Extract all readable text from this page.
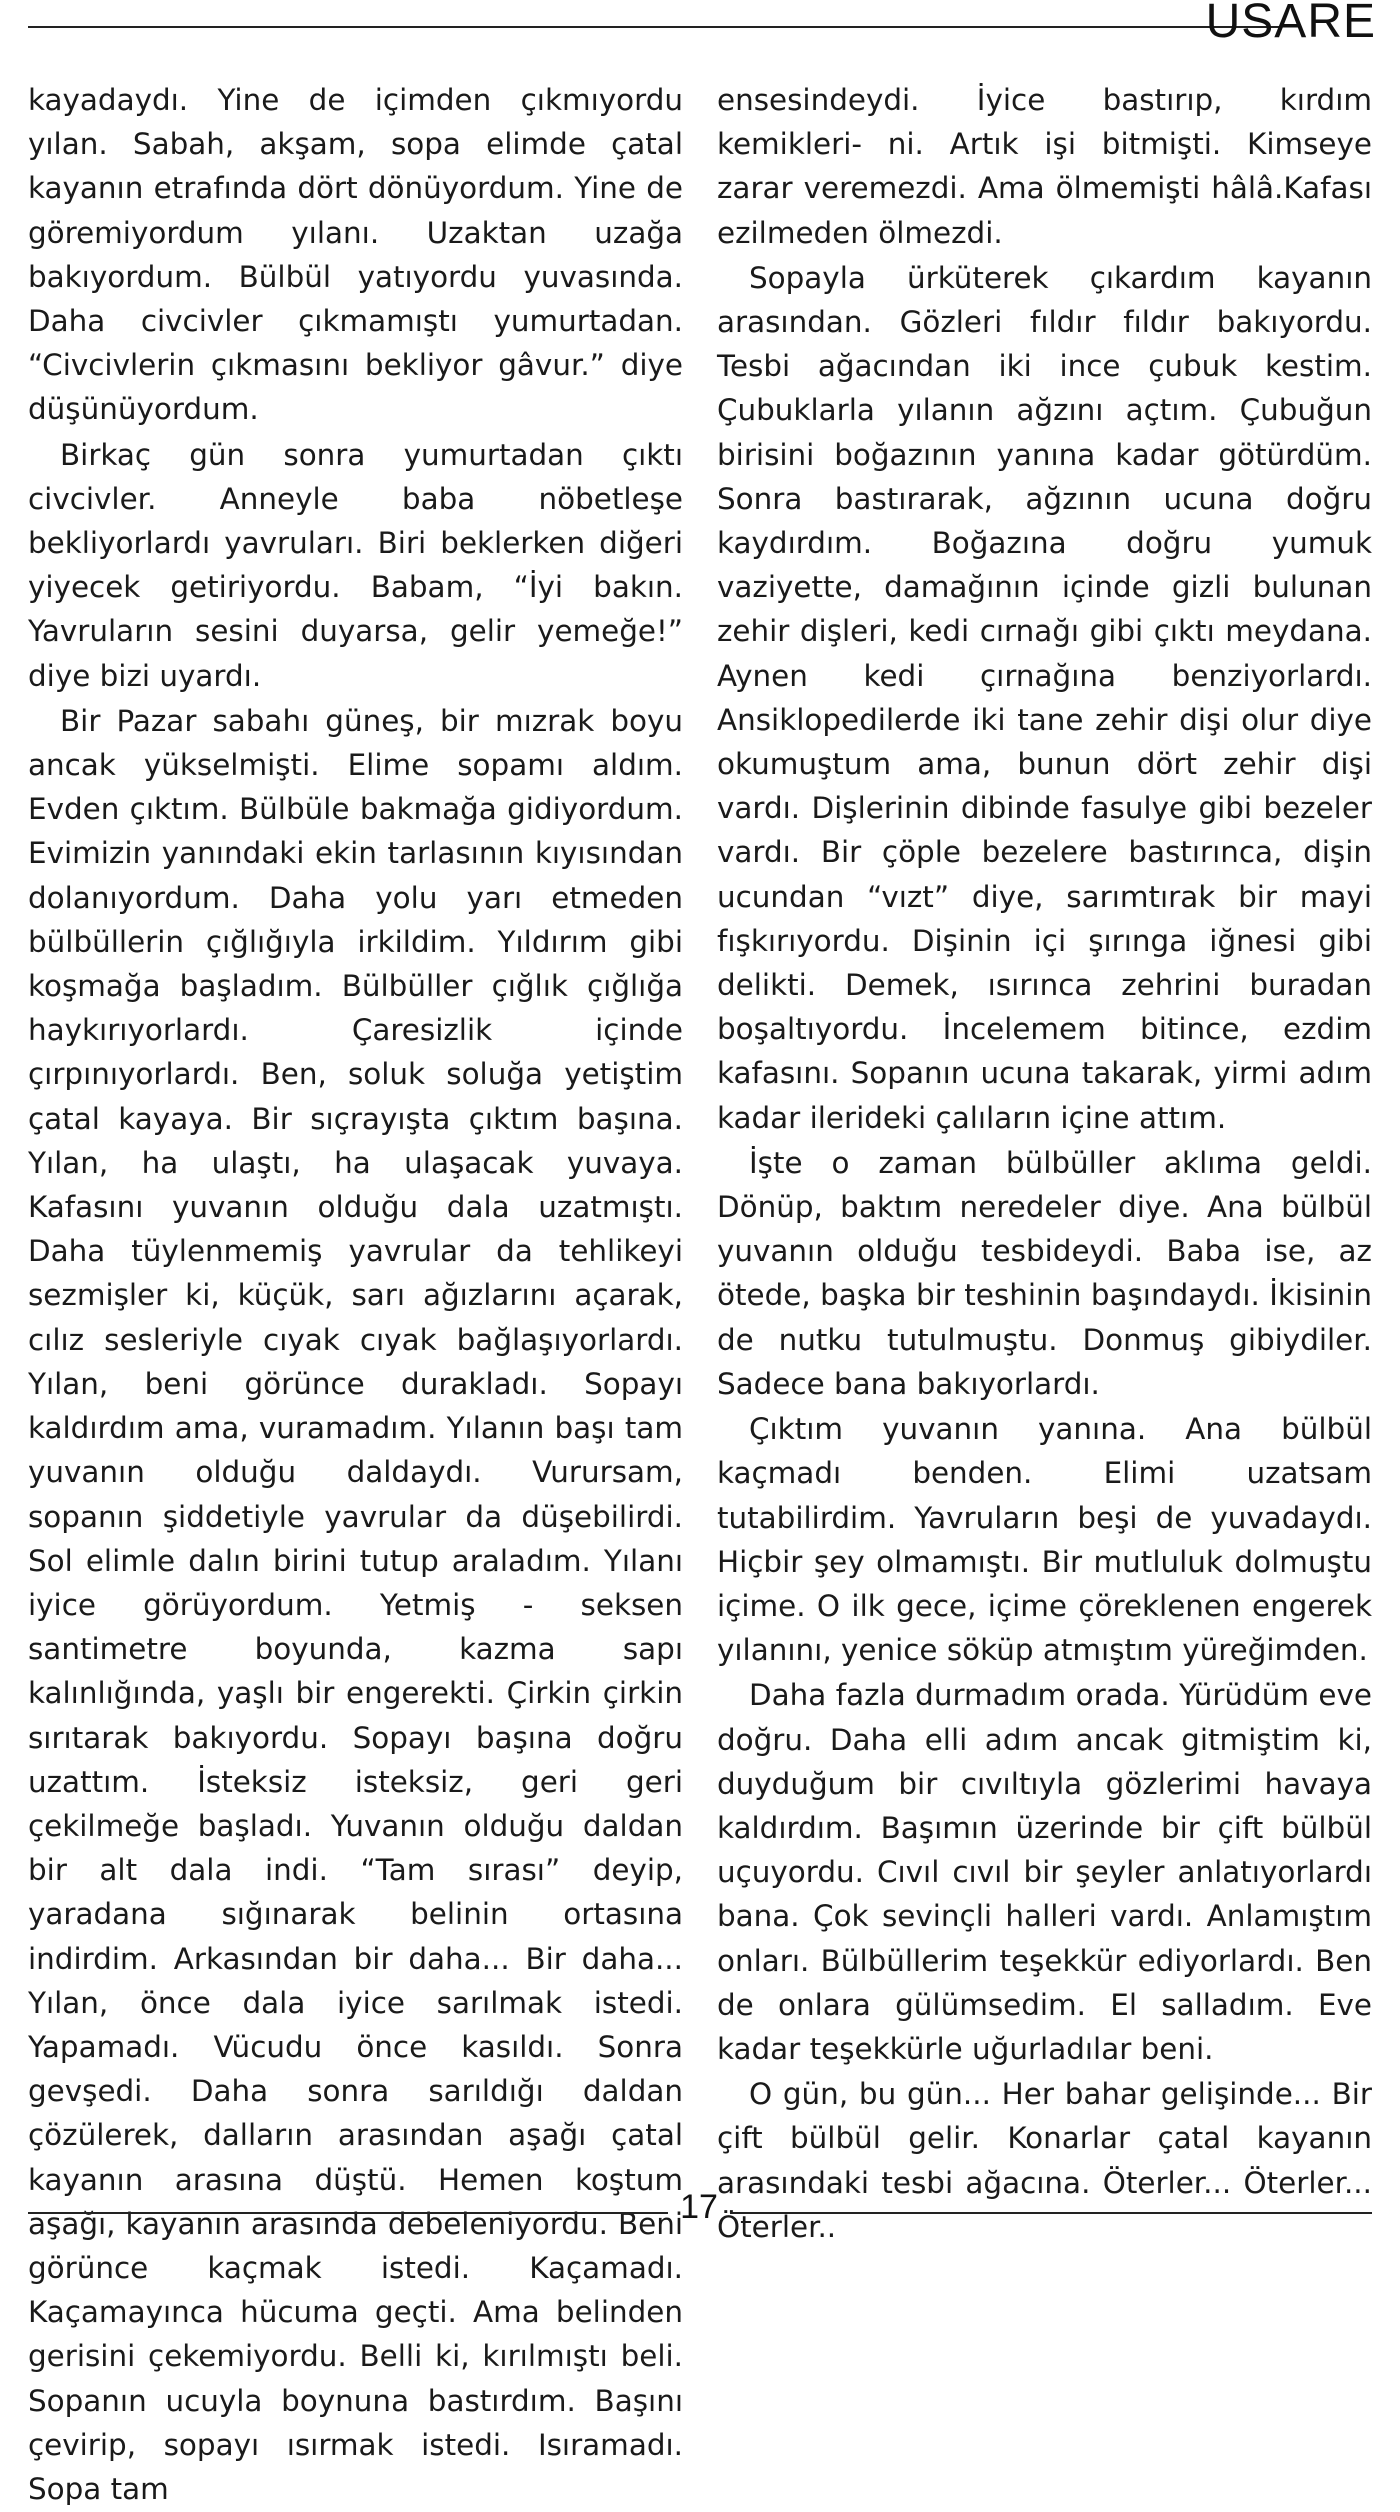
USARE

kayadaydı. Yine de içimden çıkmıyordu yılan. Sabah, akşam, sopa elimde çatal kayanın etrafında dört dönüyordum. Yine de göremiyordum yılanı. Uzaktan uzağa bakıyordum. Bülbül yatıyordu yuvasında. Daha civcivler çıkmamıştı yumurtadan. “Civcivlerin çıkmasını bekliyor gâvur.” diye düşünüyordum.

Birkaç gün sonra yumurtadan çıktı civcivler. Anneyle baba nöbetleşe bekliyorlardı yavruları. Biri beklerken diğeri yiyecek getiriyordu. Babam, “İyi bakın. Yavruların sesini duyarsa, gelir yemeğe!” diye bizi uyardı.

Bir Pazar sabahı güneş, bir mızrak boyu ancak yükselmişti. Elime sopamı aldım. Evden çıktım. Bülbüle bakmağa gidiyordum. Evimizin yanındaki ekin tarlasının kıyısından dolanıyordum. Daha yolu yarı etmeden bülbüllerin çığlığıyla irkildim. Yıldırım gibi koşmağa başladım. Bülbüller çığlık çığlığa haykırıyorlardı. Çaresizlik içinde çırpınıyorlardı. Ben, soluk soluğa yetiştim çatal kayaya. Bir sıçrayışta çıktım başına. Yılan, ha ulaştı, ha ulaşacak yuvaya. Kafasını yuvanın olduğu dala uzatmıştı. Daha tüylenmemiş yavrular da tehlikeyi sezmişler ki, küçük, sarı ağızlarını açarak, cılız sesleriyle cıyak cıyak bağlaşıyorlardı. Yılan, beni görünce durakladı. Sopayı kaldırdım ama, vuramadım. Yılanın başı tam yuvanın olduğu daldaydı. Vurursam, sopanın şiddetiyle yavrular da düşebilirdi. Sol elimle dalın birini tutup araladım. Yılanı iyice görüyordum. Yetmiş - seksen santimetre boyunda, kazma sapı kalınlığında, yaşlı bir engerekti. Çirkin çirkin sırıtarak bakıyordu. Sopayı başına doğru uzattım. İsteksiz isteksiz, geri geri çekilmeğe başladı. Yuvanın olduğu daldan bir alt dala indi. “Tam sırası” deyip, yaradana sığınarak belinin ortasına indirdim. Arkasından bir daha... Bir daha... Yılan, önce dala iyice sarılmak istedi. Yapamadı. Vücudu önce kasıldı. Sonra gevşedi. Daha sonra sarıldığı daldan çözülerek, dalların arasından aşağı çatal kayanın arasına düştü. Hemen koştum aşağı, kayanın arasında debeleniyordu. Beni görünce kaçmak istedi. Kaçamadı. Kaçamayınca hücuma geçti. Ama belinden gerisini çekemiyordu. Belli ki, kırılmıştı beli. Sopanın ucuyla boynuna bastırdım. Başını çevirip, sopayı ısırmak istedi. Isıramadı. Sopa tam

ensesindeydi. İyice bastırıp, kırdım kemikleri- ni. Artık işi bitmişti. Kimseye zarar veremezdi. Ama ölmemişti hâlâ.Kafası ezilmeden ölmezdi.

Sopayla ürküterek çıkardım kayanın arasından. Gözleri fıldır fıldır bakıyordu. Tesbi ağacından iki ince çubuk kestim. Çubuklarla yılanın ağzını açtım. Çubuğun birisini boğazının yanına kadar götürdüm. Sonra bastırarak, ağzının ucuna doğru kaydırdım. Boğazına doğru yumuk vaziyette, damağının içinde gizli bulunan zehir dişleri, kedi cırnağı gibi çıktı meydana. Aynen kedi çırnağına benziyorlardı. Ansiklopedilerde iki tane zehir dişi olur diye okumuştum ama, bunun dört zehir dişi vardı. Dişlerinin dibinde fasulye gibi bezeler vardı. Bir çöple bezelere bastırınca, dişin ucundan “vızt” diye, sarımtırak bir mayi fışkırıyordu. Dişinin içi şırınga iğnesi gibi delikti. Demek, ısırınca zehrini buradan boşaltıyordu. İncelemem bitince, ezdim kafasını. Sopanın ucuna takarak, yirmi adım kadar ilerideki çalıların içine attım.

İşte o zaman bülbüller aklıma geldi. Dönüp, baktım neredeler diye. Ana bülbül yuvanın olduğu tesbideydi. Baba ise, az ötede, başka bir teshinin başındaydı. İkisinin de nutku tutulmuştu. Donmuş gibiydiler. Sadece bana bakıyorlardı.

Çıktım yuvanın yanına. Ana bülbül kaçmadı benden. Elimi uzatsam tutabilirdim. Yavruların beşi de yuvadaydı. Hiçbir şey olmamıştı. Bir mutluluk dolmuştu içime. O ilk gece, içime çöreklenen engerek yılanını, yenice söküp atmıştım yüreğimden.

Daha fazla durmadım orada. Yürüdüm eve doğru. Daha elli adım ancak gitmiştim ki, duyduğum bir cıvıltıyla gözlerimi havaya kaldırdım. Başımın üzerinde bir çift bülbül uçuyordu. Cıvıl cıvıl bir şeyler anlatıyorlardı bana. Çok sevinçli halleri vardı. Anlamıştım onları. Bülbüllerim teşekkür ediyorlardı. Ben de onlara gülümsedim. El salladım. Eve kadar teşekkürle uğurladılar beni.

O gün, bu gün... Her bahar gelişinde... Bir çift bülbül gelir. Konarlar çatal kayanın arasındaki tesbi ağacına. Öterler... Öterler... Öterler..

17
